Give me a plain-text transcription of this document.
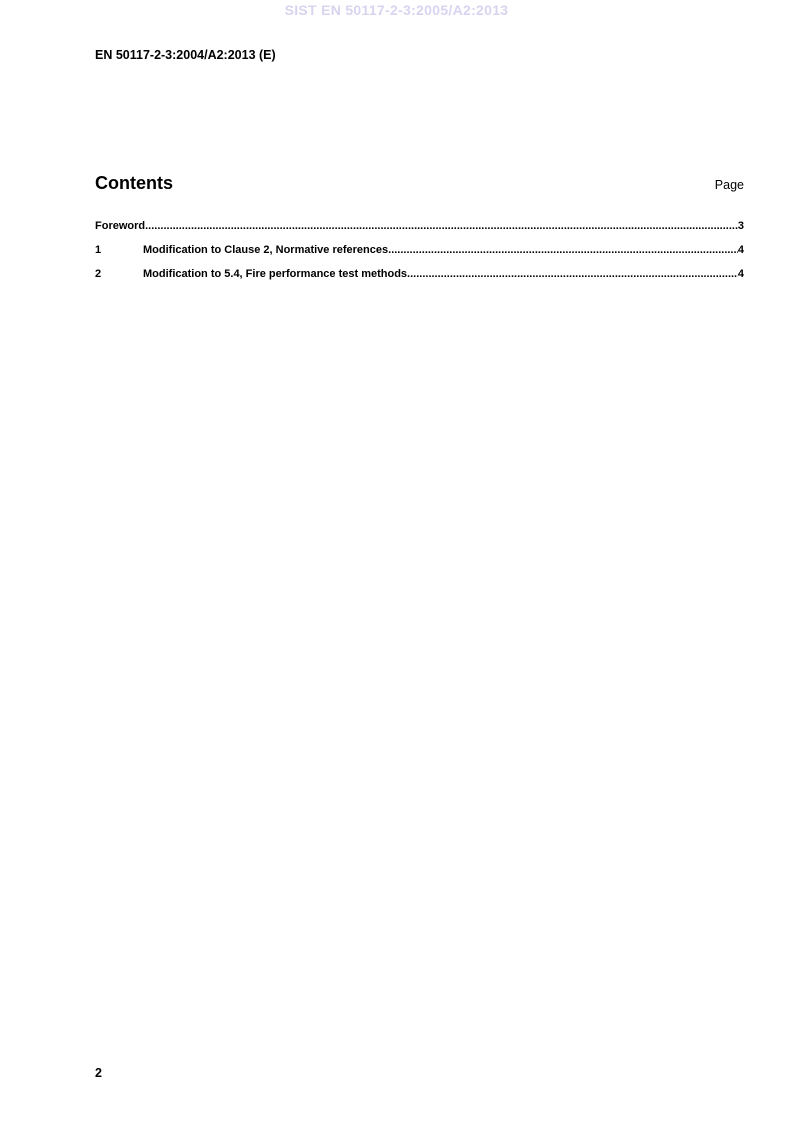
SIST EN 50117-2-3:2005/A2:2013
EN 50117-2-3:2004/A2:2013 (E)
Contents	Page
Foreword .....	3
1	Modification to Clause 2, Normative references .....	4
2	Modification to 5.4, Fire performance test methods .....	4
2
